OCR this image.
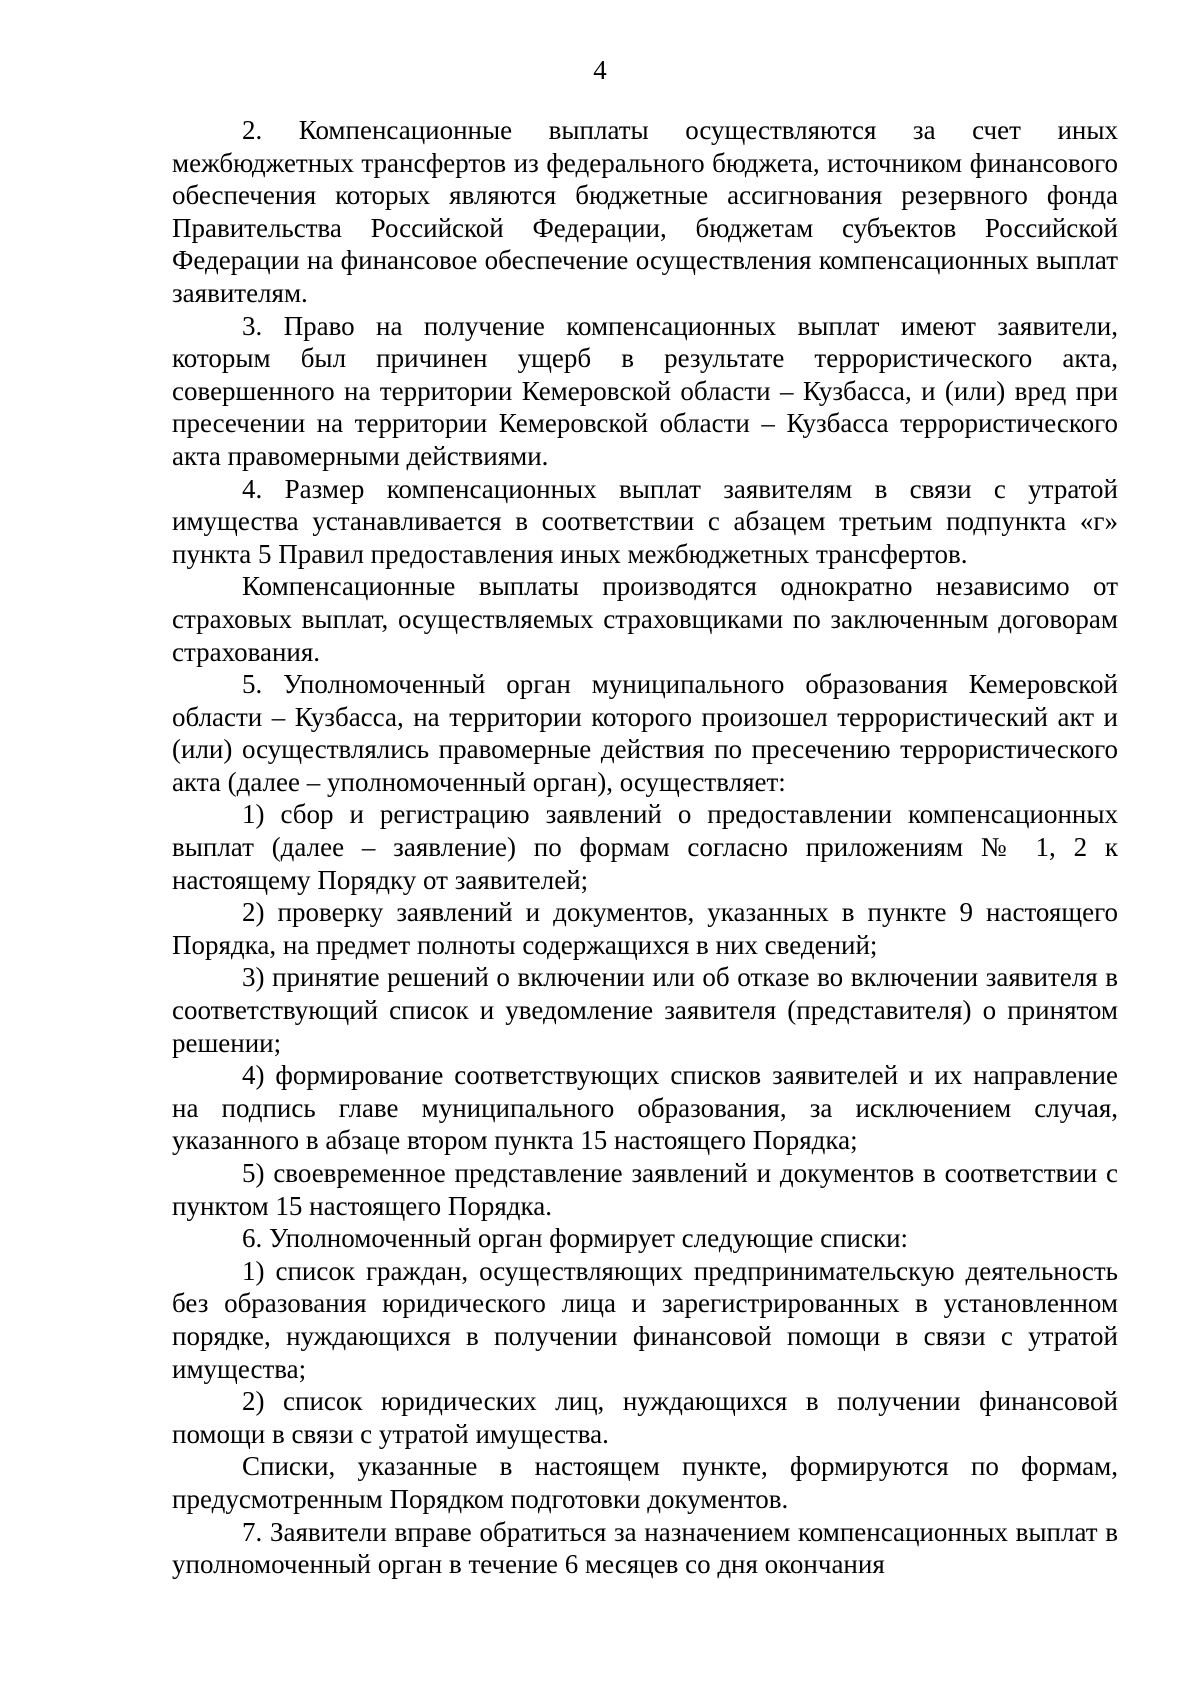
4

2. Компенсационные выплаты осуществляются за счет иных межбюджетных трансфертов из федерального бюджета, источником финансового обеспечения которых являются бюджетные ассигнования резервного фонда Правительства Российской Федерации, бюджетам субъектов Российской Федерации на финансовое обеспечение осуществления компенсационных выплат заявителям.

3. Право на получение компенсационных выплат имеют заявители, которым был причинен ущерб в результате террористического акта, совершенного на территории Кемеровской области – Кузбасса, и (или) вред при пресечении на территории Кемеровской области – Кузбасса террористического акта правомерными действиями.

4. Размер компенсационных выплат заявителям в связи с утратой имущества устанавливается в соответствии с абзацем третьим подпункта «г» пункта 5 Правил предоставления иных межбюджетных трансфертов.

Компенсационные выплаты производятся однократно независимо от страховых выплат, осуществляемых страховщиками по заключенным договорам страхования.

5. Уполномоченный орган муниципального образования Кемеровской области – Кузбасса, на территории которого произошел террористический акт и (или) осуществлялись правомерные действия по пресечению террористического акта (далее – уполномоченный орган), осуществляет:

1) сбор и регистрацию заявлений о предоставлении компенсационных выплат (далее – заявление) по формам согласно приложениям № 1, 2 к настоящему Порядку от заявителей;

2) проверку заявлений и документов, указанных в пункте 9 настоящего Порядка, на предмет полноты содержащихся в них сведений;

3) принятие решений о включении или об отказе во включении заявителя в соответствующий список и уведомление заявителя (представителя) о принятом решении;

4) формирование соответствующих списков заявителей и их направление на подпись главе муниципального образования, за исключением случая, указанного в абзаце втором пункта 15 настоящего Порядка;

5) своевременное представление заявлений и документов в соответствии с пунктом 15 настоящего Порядка.

6. Уполномоченный орган формирует следующие списки:

1) список граждан, осуществляющих предпринимательскую деятельность без образования юридического лица и зарегистрированных в установленном порядке, нуждающихся в получении финансовой помощи в связи с утратой имущества;

2) список юридических лиц, нуждающихся в получении финансовой помощи в связи с утратой имущества.

Списки, указанные в настоящем пункте, формируются по формам, предусмотренным Порядком подготовки документов.

7. Заявители вправе обратиться за назначением компенсационных выплат в уполномоченный орган в течение 6 месяцев со дня окончания
